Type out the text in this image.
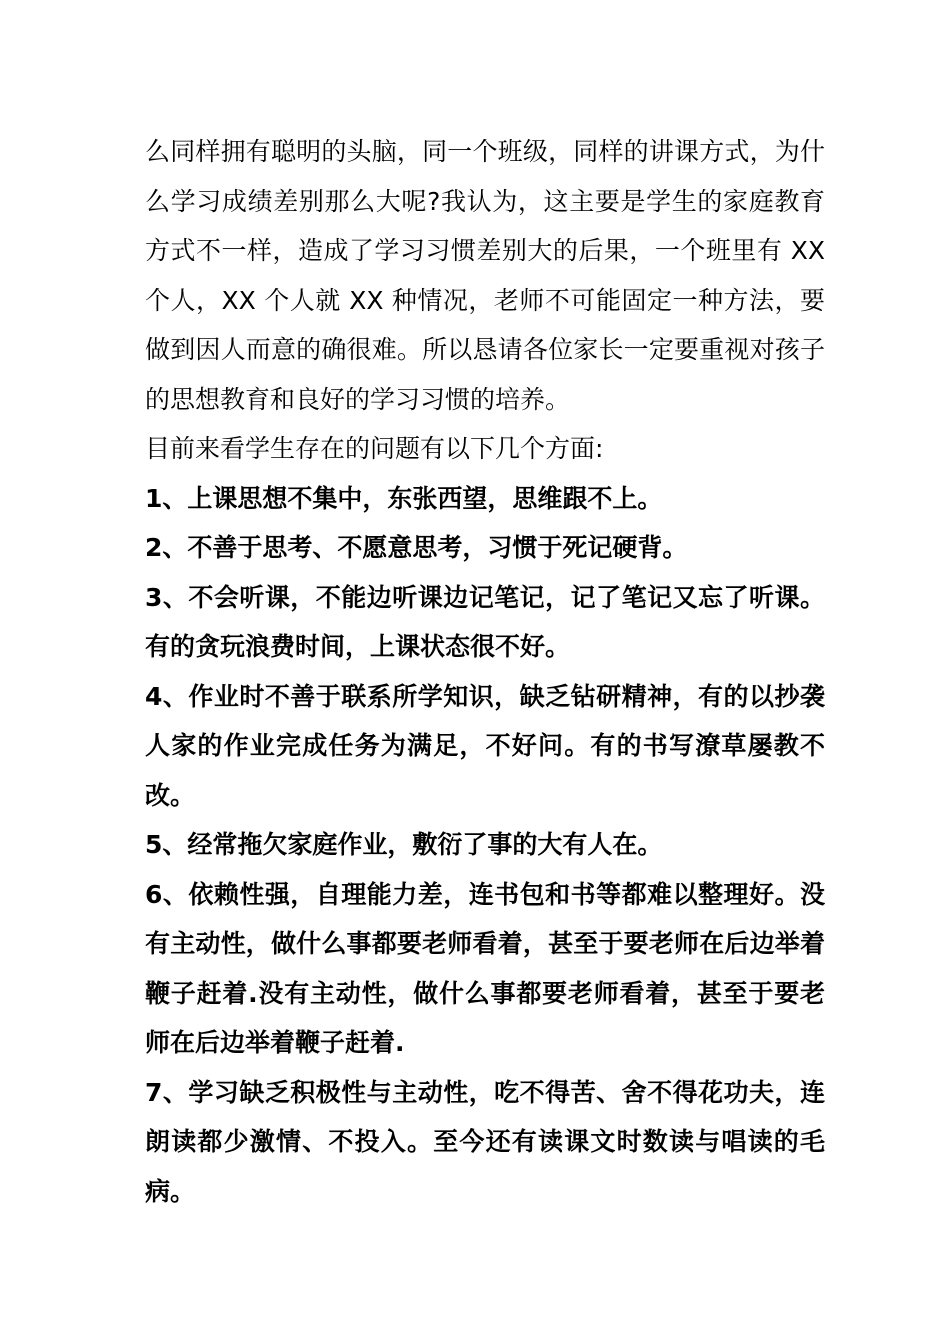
么同样拥有聪明的头脑，同一个班级，同样的讲课方式，为什么学习成绩差别那么大呢?我认为，这主要是学生的家庭教育方式不一样，造成了学习习惯差别大的后果，一个班里有 XX 个人，XX 个人就 XX 种情况，老师不可能固定一种方法，要做到因人而意的确很难。所以恳请各位家长一定要重视对孩子的思想教育和良好的学习习惯的培养。

目前来看学生存在的问题有以下几个方面:

1、上课思想不集中，东张西望，思维跟不上。

2、不善于思考、不愿意思考，习惯于死记硬背。

3、不会听课，不能边听课边记笔记，记了笔记又忘了听课。有的贪玩浪费时间，上课状态很不好。

4、作业时不善于联系所学知识，缺乏钻研精神，有的以抄袭人家的作业完成任务为满足，不好问。有的书写潦草屡教不改。

5、经常拖欠家庭作业，敷衍了事的大有人在。

6、依赖性强，自理能力差，连书包和书等都难以整理好。没有主动性，做什么事都要老师看着，甚至于要老师在后边举着鞭子赶着.没有主动性，做什么事都要老师看着，甚至于要老师在后边举着鞭子赶着.

7、学习缺乏积极性与主动性，吃不得苦、舍不得花功夫，连朗读都少激情、不投入。至今还有读课文时数读与唱读的毛病。
